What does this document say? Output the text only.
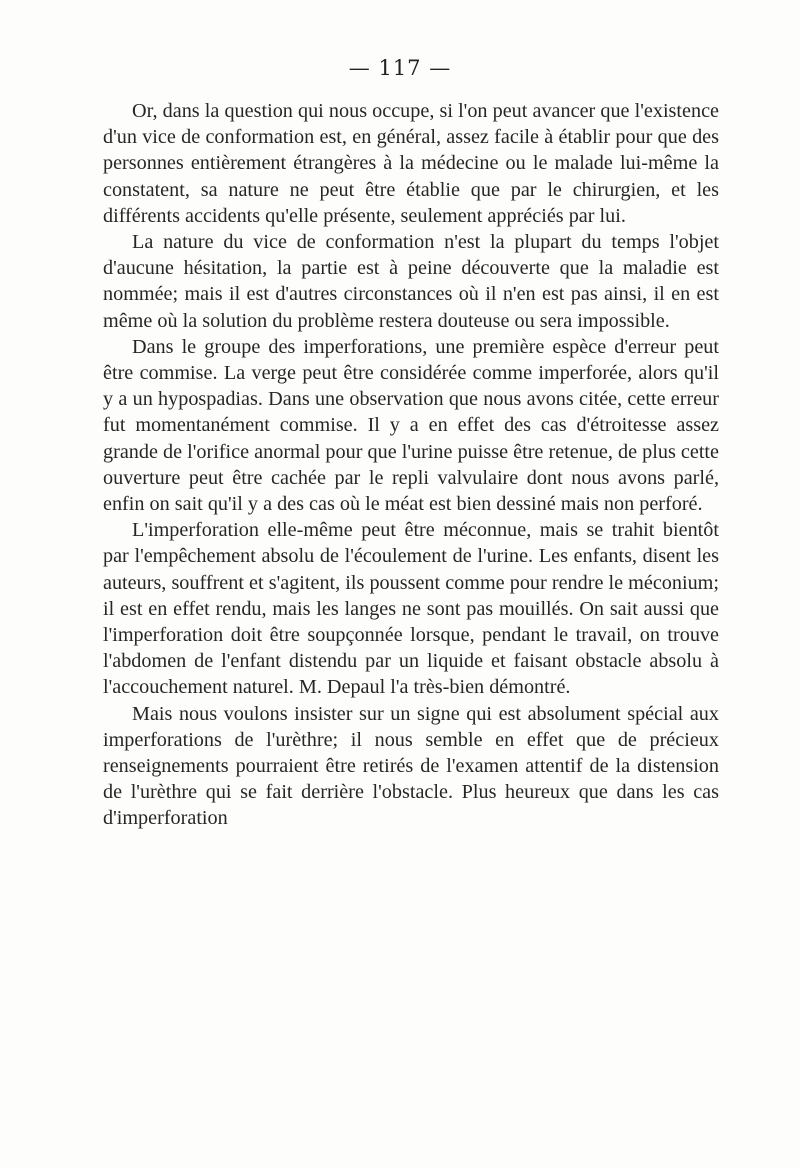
— 117 —

Or, dans la question qui nous occupe, si l'on peut avancer que l'existence d'un vice de conformation est, en général, assez facile à établir pour que des personnes entièrement étrangères à la médecine ou le malade lui-même la constatent, sa nature ne peut être établie que par le chirurgien, et les différents accidents qu'elle présente, seulement appréciés par lui.

La nature du vice de conformation n'est la plupart du temps l'objet d'aucune hésitation, la partie est à peine découverte que la maladie est nommée; mais il est d'autres circonstances où il n'en est pas ainsi, il en est même où la solution du problème restera douteuse ou sera impossible.

Dans le groupe des imperforations, une première espèce d'erreur peut être commise. La verge peut être considérée comme imperforée, alors qu'il y a un hypospadias. Dans une observation que nous avons citée, cette erreur fut momentanément commise. Il y a en effet des cas d'étroitesse assez grande de l'orifice anormal pour que l'urine puisse être retenue, de plus cette ouverture peut être cachée par le repli valvulaire dont nous avons parlé, enfin on sait qu'il y a des cas où le méat est bien dessiné mais non perforé.

L'imperforation elle-même peut être méconnue, mais se trahit bientôt par l'empêchement absolu de l'écoulement de l'urine. Les enfants, disent les auteurs, souffrent et s'agitent, ils poussent comme pour rendre le méconium; il est en effet rendu, mais les langes ne sont pas mouillés. On sait aussi que l'imperforation doit être soupçonnée lorsque, pendant le travail, on trouve l'abdomen de l'enfant distendu par un liquide et faisant obstacle absolu à l'accouchement naturel. M. Depaul l'a très-bien démontré.

Mais nous voulons insister sur un signe qui est absolument spécial aux imperforations de l'urèthre; il nous semble en effet que de précieux renseignements pourraient être retirés de l'examen attentif de la distension de l'urèthre qui se fait derrière l'obstacle. Plus heureux que dans les cas d'imperforation
